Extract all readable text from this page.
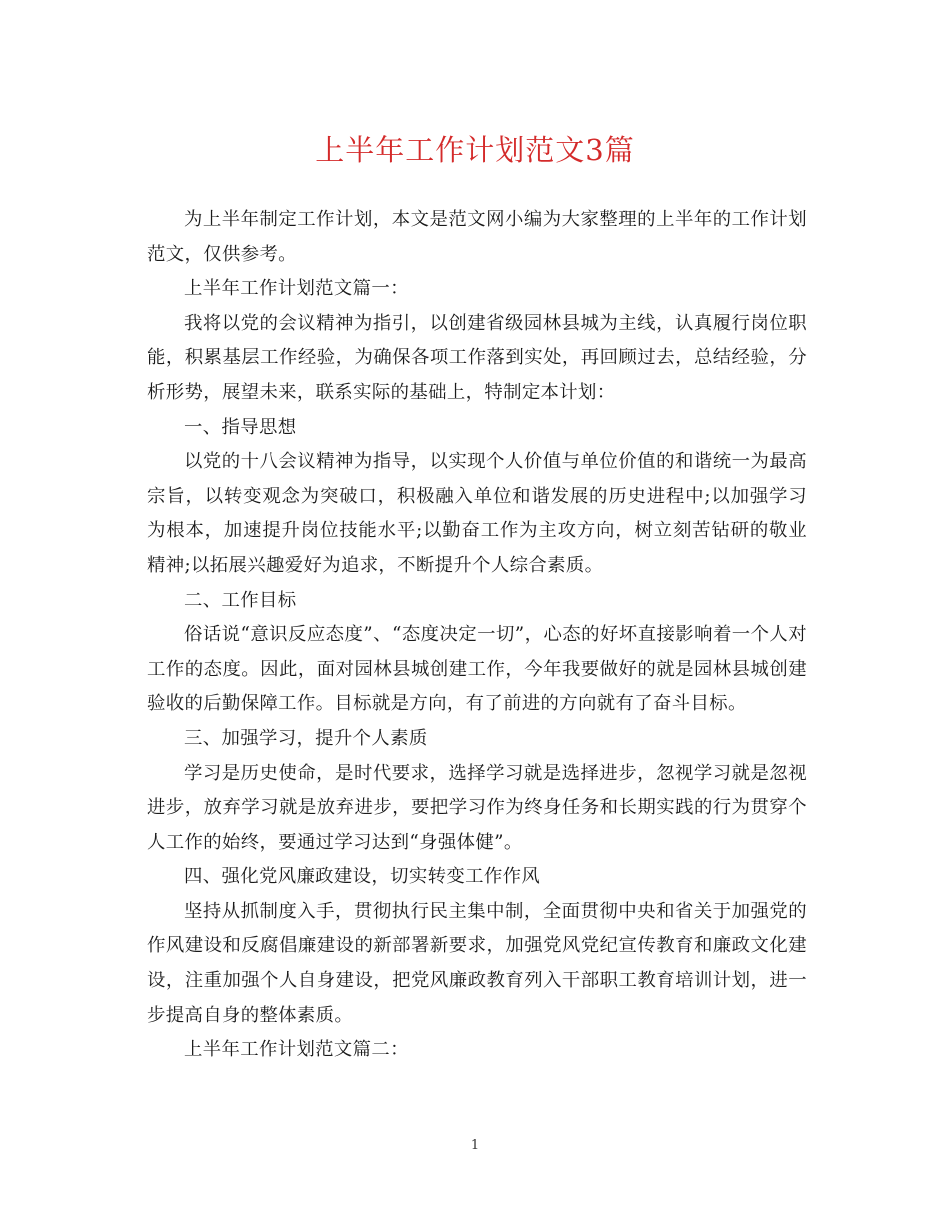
上半年工作计划范文3篇

为上半年制定工作计划，本文是范文网小编为大家整理的上半年的工作计划范文，仅供参考。

上半年工作计划范文篇一：

我将以党的会议精神为指引，以创建省级园林县城为主线，认真履行岗位职能，积累基层工作经验，为确保各项工作落到实处，再回顾过去，总结经验，分析形势，展望未来，联系实际的基础上，特制定本计划：

一、指导思想

以党的十八会议精神为指导，以实现个人价值与单位价值的和谐统一为最高宗旨，以转变观念为突破口，积极融入单位和谐发展的历史进程中;以加强学习为根本，加速提升岗位技能水平;以勤奋工作为主攻方向，树立刻苦钻研的敬业精神;以拓展兴趣爱好为追求，不断提升个人综合素质。

二、工作目标

俗话说“意识反应态度”、“态度决定一切”，心态的好坏直接影响着一个人对工作的态度。因此，面对园林县城创建工作，今年我要做好的就是园林县城创建验收的后勤保障工作。目标就是方向，有了前进的方向就有了奋斗目标。

三、加强学习，提升个人素质

学习是历史使命，是时代要求，选择学习就是选择进步，忽视学习就是忽视进步，放弃学习就是放弃进步，要把学习作为终身任务和长期实践的行为贯穿个人工作的始终，要通过学习达到“身强体健”。

四、强化党风廉政建设，切实转变工作作风

坚持从抓制度入手，贯彻执行民主集中制，全面贯彻中央和省关于加强党的作风建设和反腐倡廉建设的新部署新要求，加强党风党纪宣传教育和廉政文化建设，注重加强个人自身建设，把党风廉政教育列入干部职工教育培训计划，进一步提高自身的整体素质。

上半年工作计划范文篇二：

1
